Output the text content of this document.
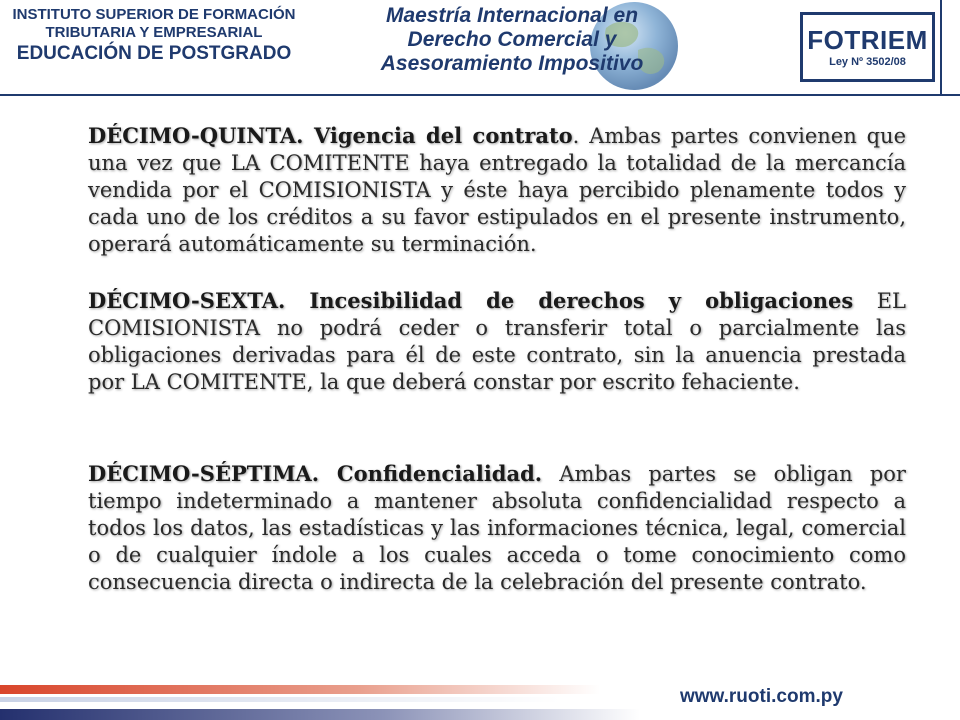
INSTITUTO SUPERIOR DE FORMACIÓN
TRIBUTARIA Y EMPRESARIAL
EDUCACIÓN DE POSTGRADO
Maestría Internacional en
Derecho Comercial y
Asesoramiento Impositivo
FOTRIEM
Ley Nº 3502/08

DÉCIMO-QUINTA. Vigencia del contrato. Ambas partes convienen que una vez que LA COMITENTE haya entregado la totalidad de la mercancía vendida por el COMISIONISTA y éste haya percibido plenamente todos y cada uno de los créditos a su favor estipulados en el presente instrumento, operará automáticamente su terminación.

DÉCIMO-SEXTA. Incesibilidad de derechos y obligaciones EL COMISIONISTA no podrá ceder o transferir total o parcialmente las obligaciones derivadas para él de este contrato, sin la anuencia prestada por LA COMITENTE, la que deberá constar por escrito fehaciente.

DÉCIMO-SÉPTIMA. Confidencialidad. Ambas partes se obligan por tiempo indeterminado a mantener absoluta confidencialidad respecto a todos los datos, las estadísticas y las informaciones técnica, legal, comercial o de cualquier índole a los cuales acceda o tome conocimiento como consecuencia directa o indirecta de la celebración del presente contrato.

www.ruoti.com.py
